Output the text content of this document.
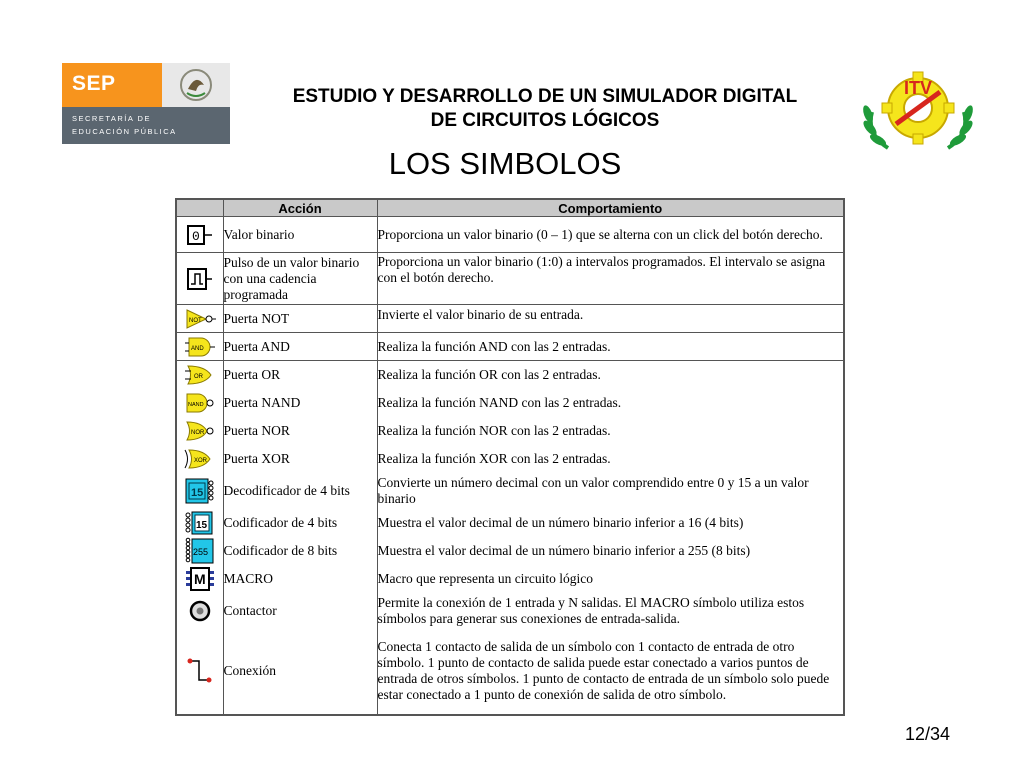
SEP
SECRETARÍA DE
EDUCACIÓN PÚBLICA
ESTUDIO Y DESARROLLO DE UN SIMULADOR DIGITAL
DE CIRCUITOS LÓGICOS
LOS SIMBOLOS
ITV
	Acción	Comportamiento

0	Valor binario	Proporciona un valor binario (0 – 1) que se alterna con un click del botón derecho.

	Pulso de un valor binario con una cadencia programada	Proporciona un valor binario (1:0) a intervalos programados. El intervalo se asigna con el botón derecho.

NOT	Puerta NOT	Invierte el valor binario de su entrada.

AND	Puerta AND	Realiza la función AND con las 2 entradas.

OR	Puerta OR	Realiza la función OR con las 2 entradas.

NAND	Puerta NAND	Realiza la función NAND con las 2 entradas.

NOR	Puerta NOR	Realiza la función NOR con las 2 entradas.

XOR	Puerta XOR	Realiza la función XOR con las 2 entradas.

15	Decodificador de 4 bits	Convierte un número decimal con un valor comprendido entre 0 y 15 a un valor binario

15	Codificador de 4 bits	Muestra el valor decimal de un número binario inferior a 16 (4 bits)

255	Codificador de 8 bits	Muestra el valor decimal de un número binario inferior a 255 (8 bits)

M	MACRO	Macro que representa un circuito lógico

	Contactor	Permite la conexión de 1 entrada y N salidas. El MACRO símbolo utiliza estos símbolos para generar sus conexiones de entrada-salida.

	Conexión	Conecta 1 contacto de salida de un símbolo con 1 contacto de entrada de otro símbolo. 1 punto de contacto de salida puede estar conectado a varios puntos de entrada de otros símbolos. 1 punto de contacto de entrada de un símbolo solo puede estar conectado a 1 punto de conexión de salida de otro símbolo.
12/34
